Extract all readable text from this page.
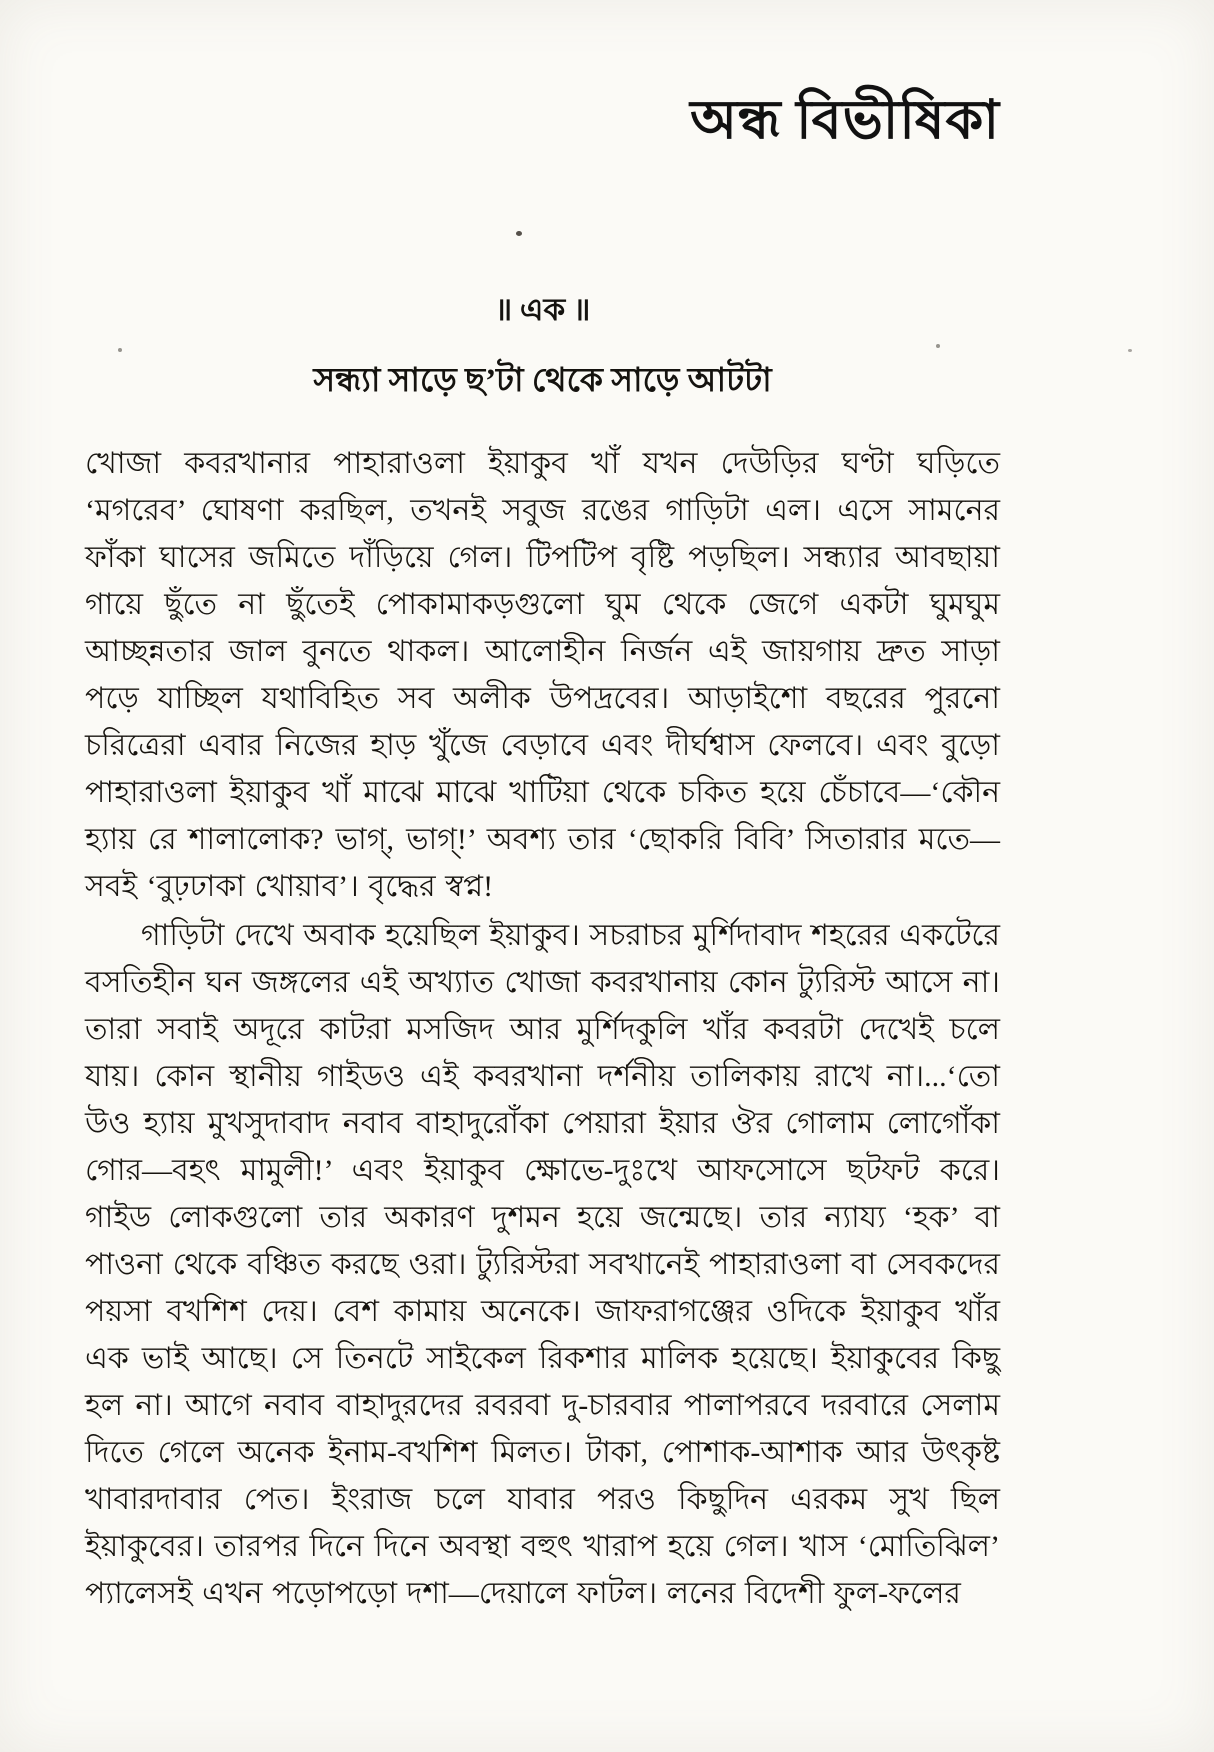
অন্ধ বিভীষিকা
॥ এক ॥
সন্ধ্যা সাড়ে ছ’টা থেকে সাড়ে আটটা

খোজা কবরখানার পাহারাওলা ইয়াকুব খাঁ যখন দেউড়ির ঘণ্টা ঘড়িতে ‘মগরেব’ ঘোষণা করছিল, তখনই সবুজ রঙের গাড়িটা এল। এসে সামনের ফাঁকা ঘাসের জমিতে দাঁড়িয়ে গেল। টিপটিপ বৃষ্টি পড়ছিল। সন্ধ্যার আবছায়া গায়ে ছুঁতে না ছুঁতেই পোকামাকড়গুলো ঘুম থেকে জেগে একটা ঘুমঘুম আচ্ছন্নতার জাল বুনতে থাকল। আলোহীন নির্জন এই জায়গায় দ্রুত সাড়া পড়ে যাচ্ছিল যথাবিহিত সব অলীক উপদ্রবের। আড়াইশো বছরের পুরনো চরিত্রেরা এবার নিজের হাড় খুঁজে বেড়াবে এবং দীর্ঘশ্বাস ফেলবে। এবং বুড়ো পাহারাওলা ইয়াকুব খাঁ মাঝে মাঝে খাটিয়া থেকে চকিত হয়ে চেঁচাবে—‘কৌন হ্যায় রে শালালোক? ভাগ্‌, ভাগ্‌!’ অবশ্য তার ‘ছোকরি বিবি’ সিতারার মতে—সবই ‘বুঢ়ঢাকা খোয়াব’। বৃদ্ধের স্বপ্ন!

গাড়িটা দেখে অবাক হয়েছিল ইয়াকুব। সচরাচর মুর্শিদাবাদ শহরের একটেরে বসতিহীন ঘন জঙ্গলের এই অখ্যাত খোজা কবরখানায় কোন ট্যুরিস্ট আসে না। তারা সবাই অদূরে কাটরা মসজিদ আর মুর্শিদকুলি খাঁর কবরটা দেখেই চলে যায়। কোন স্থানীয় গাইডও এই কবরখানা দর্শনীয় তালিকায় রাখে না।...‘তো উও হ্যায় মুখসুদাবাদ নবাব বাহাদুরোঁকা পেয়ারা ইয়ার ঔর গোলাম লোগোঁকা গোর—বহৎ মামুলী!’ এবং ইয়াকুব ক্ষোভে-দুঃখে আফসোসে ছটফট করে। গাইড লোকগুলো তার অকারণ দুশমন হয়ে জন্মেছে। তার ন্যায্য ‘হক’ বা পাওনা থেকে বঞ্চিত করছে ওরা। ট্যুরিস্টরা সবখানেই পাহারাওলা বা সেবকদের পয়সা বখশিশ দেয়। বেশ কামায় অনেকে। জাফরাগঞ্জের ওদিকে ইয়াকুব খাঁর এক ভাই আছে। সে তিনটে সাইকেল রিকশার মালিক হয়েছে। ইয়াকুবের কিছু হল না। আগে নবাব বাহাদুরদের রবরবা দু-চারবার পালাপরবে দরবারে সেলাম দিতে গেলে অনেক ইনাম-বখশিশ মিলত। টাকা, পোশাক-আশাক আর উৎকৃষ্ট খাবারদাবার পেত। ইংরাজ চলে যাবার পরও কিছুদিন এরকম সুখ ছিল ইয়াকুবের। তারপর দিনে দিনে অবস্থা বহুৎ খারাপ হয়ে গেল। খাস ‘মোতিঝিল’ প্যালেসই এখন পড়োপড়ো দশা—দেয়ালে ফাটল। লনের বিদেশী ফুল-ফলের
